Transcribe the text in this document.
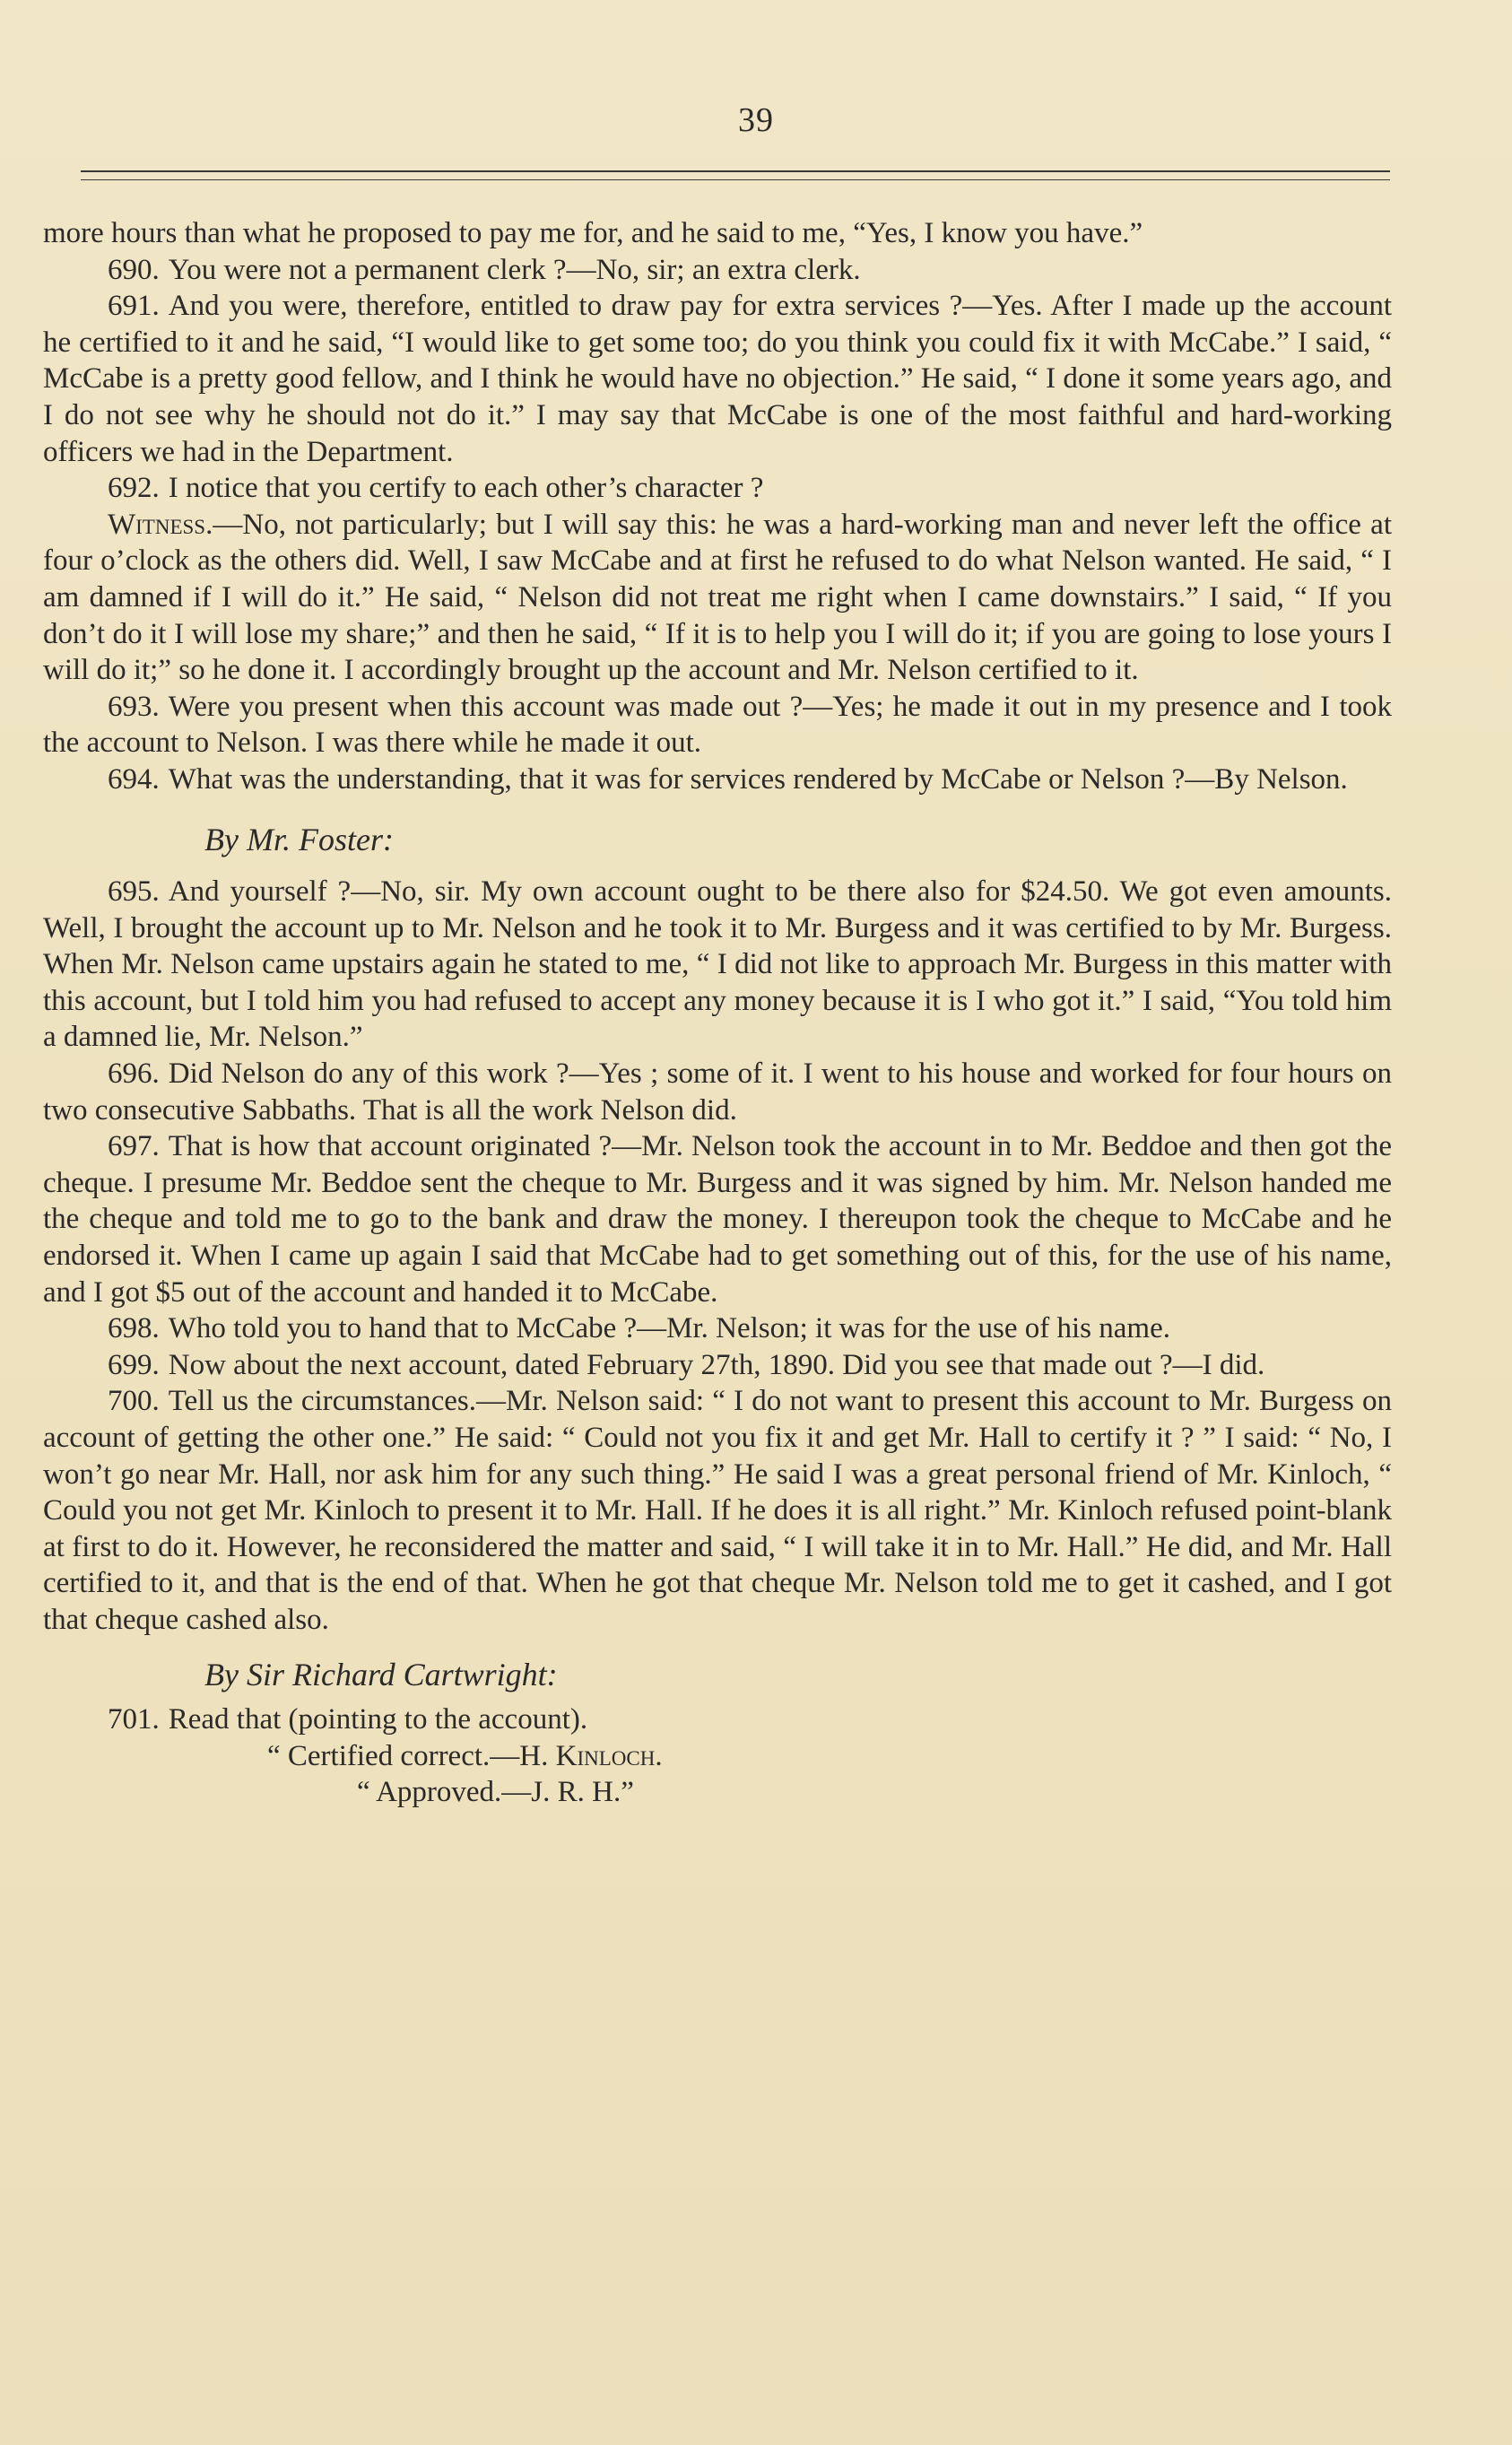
39

more hours than what he proposed to pay me for, and he said to me, “Yes, I know you have.”

690. You were not a permanent clerk ?—No, sir; an extra clerk.

691. And you were, therefore, entitled to draw pay for extra services ?—Yes. After I made up the account he certified to it and he said, “I would like to get some too; do you think you could fix it with McCabe.” I said, “ McCabe is a pretty good fellow, and I think he would have no objection.” He said, “ I done it some years ago, and I do not see why he should not do it.” I may say that McCabe is one of the most faithful and hard-working officers we had in the Department.

692. I notice that you certify to each other’s character ?

Witness.—No, not particularly; but I will say this: he was a hard-working man and never left the office at four o’clock as the others did. Well, I saw McCabe and at first he refused to do what Nelson wanted. He said, “ I am damned if I will do it.” He said, “ Nelson did not treat me right when I came downstairs.” I said, “ If you don’t do it I will lose my share;” and then he said, “ If it is to help you I will do it; if you are going to lose yours I will do it;” so he done it. I accordingly brought up the account and Mr. Nelson certified to it.

693. Were you present when this account was made out ?—Yes; he made it out in my presence and I took the account to Nelson. I was there while he made it out.

694. What was the understanding, that it was for services rendered by McCabe or Nelson ?—By Nelson.

By Mr. Foster:

695. And yourself ?—No, sir. My own account ought to be there also for $24.50. We got even amounts. Well, I brought the account up to Mr. Nelson and he took it to Mr. Burgess and it was certified to by Mr. Burgess. When Mr. Nelson came upstairs again he stated to me, “ I did not like to approach Mr. Burgess in this matter with this account, but I told him you had refused to accept any money because it is I who got it.” I said, “You told him a damned lie, Mr. Nelson.”

696. Did Nelson do any of this work ?—Yes ; some of it. I went to his house and worked for four hours on two consecutive Sabbaths. That is all the work Nelson did.

697. That is how that account originated ?—Mr. Nelson took the account in to Mr. Beddoe and then got the cheque. I presume Mr. Beddoe sent the cheque to Mr. Burgess and it was signed by him. Mr. Nelson handed me the cheque and told me to go to the bank and draw the money. I thereupon took the cheque to McCabe and he endorsed it. When I came up again I said that McCabe had to get something out of this, for the use of his name, and I got $5 out of the account and handed it to McCabe.

698. Who told you to hand that to McCabe ?—Mr. Nelson; it was for the use of his name.

699. Now about the next account, dated February 27th, 1890. Did you see that made out ?—I did.

700. Tell us the circumstances.—Mr. Nelson said: “ I do not want to present this account to Mr. Burgess on account of getting the other one.” He said: “ Could not you fix it and get Mr. Hall to certify it ? ” I said: “ No, I won’t go near Mr. Hall, nor ask him for any such thing.” He said I was a great personal friend of Mr. Kinloch, “ Could you not get Mr. Kinloch to present it to Mr. Hall. If he does it is all right.” Mr. Kinloch refused point-blank at first to do it. However, he reconsidered the matter and said, “ I will take it in to Mr. Hall.” He did, and Mr. Hall certified to it, and that is the end of that. When he got that cheque Mr. Nelson told me to get it cashed, and I got that cheque cashed also.

By Sir Richard Cartwright:

701. Read that (pointing to the account).

“ Certified correct.—H. Kinloch.

“ Approved.—J. R. H.”
